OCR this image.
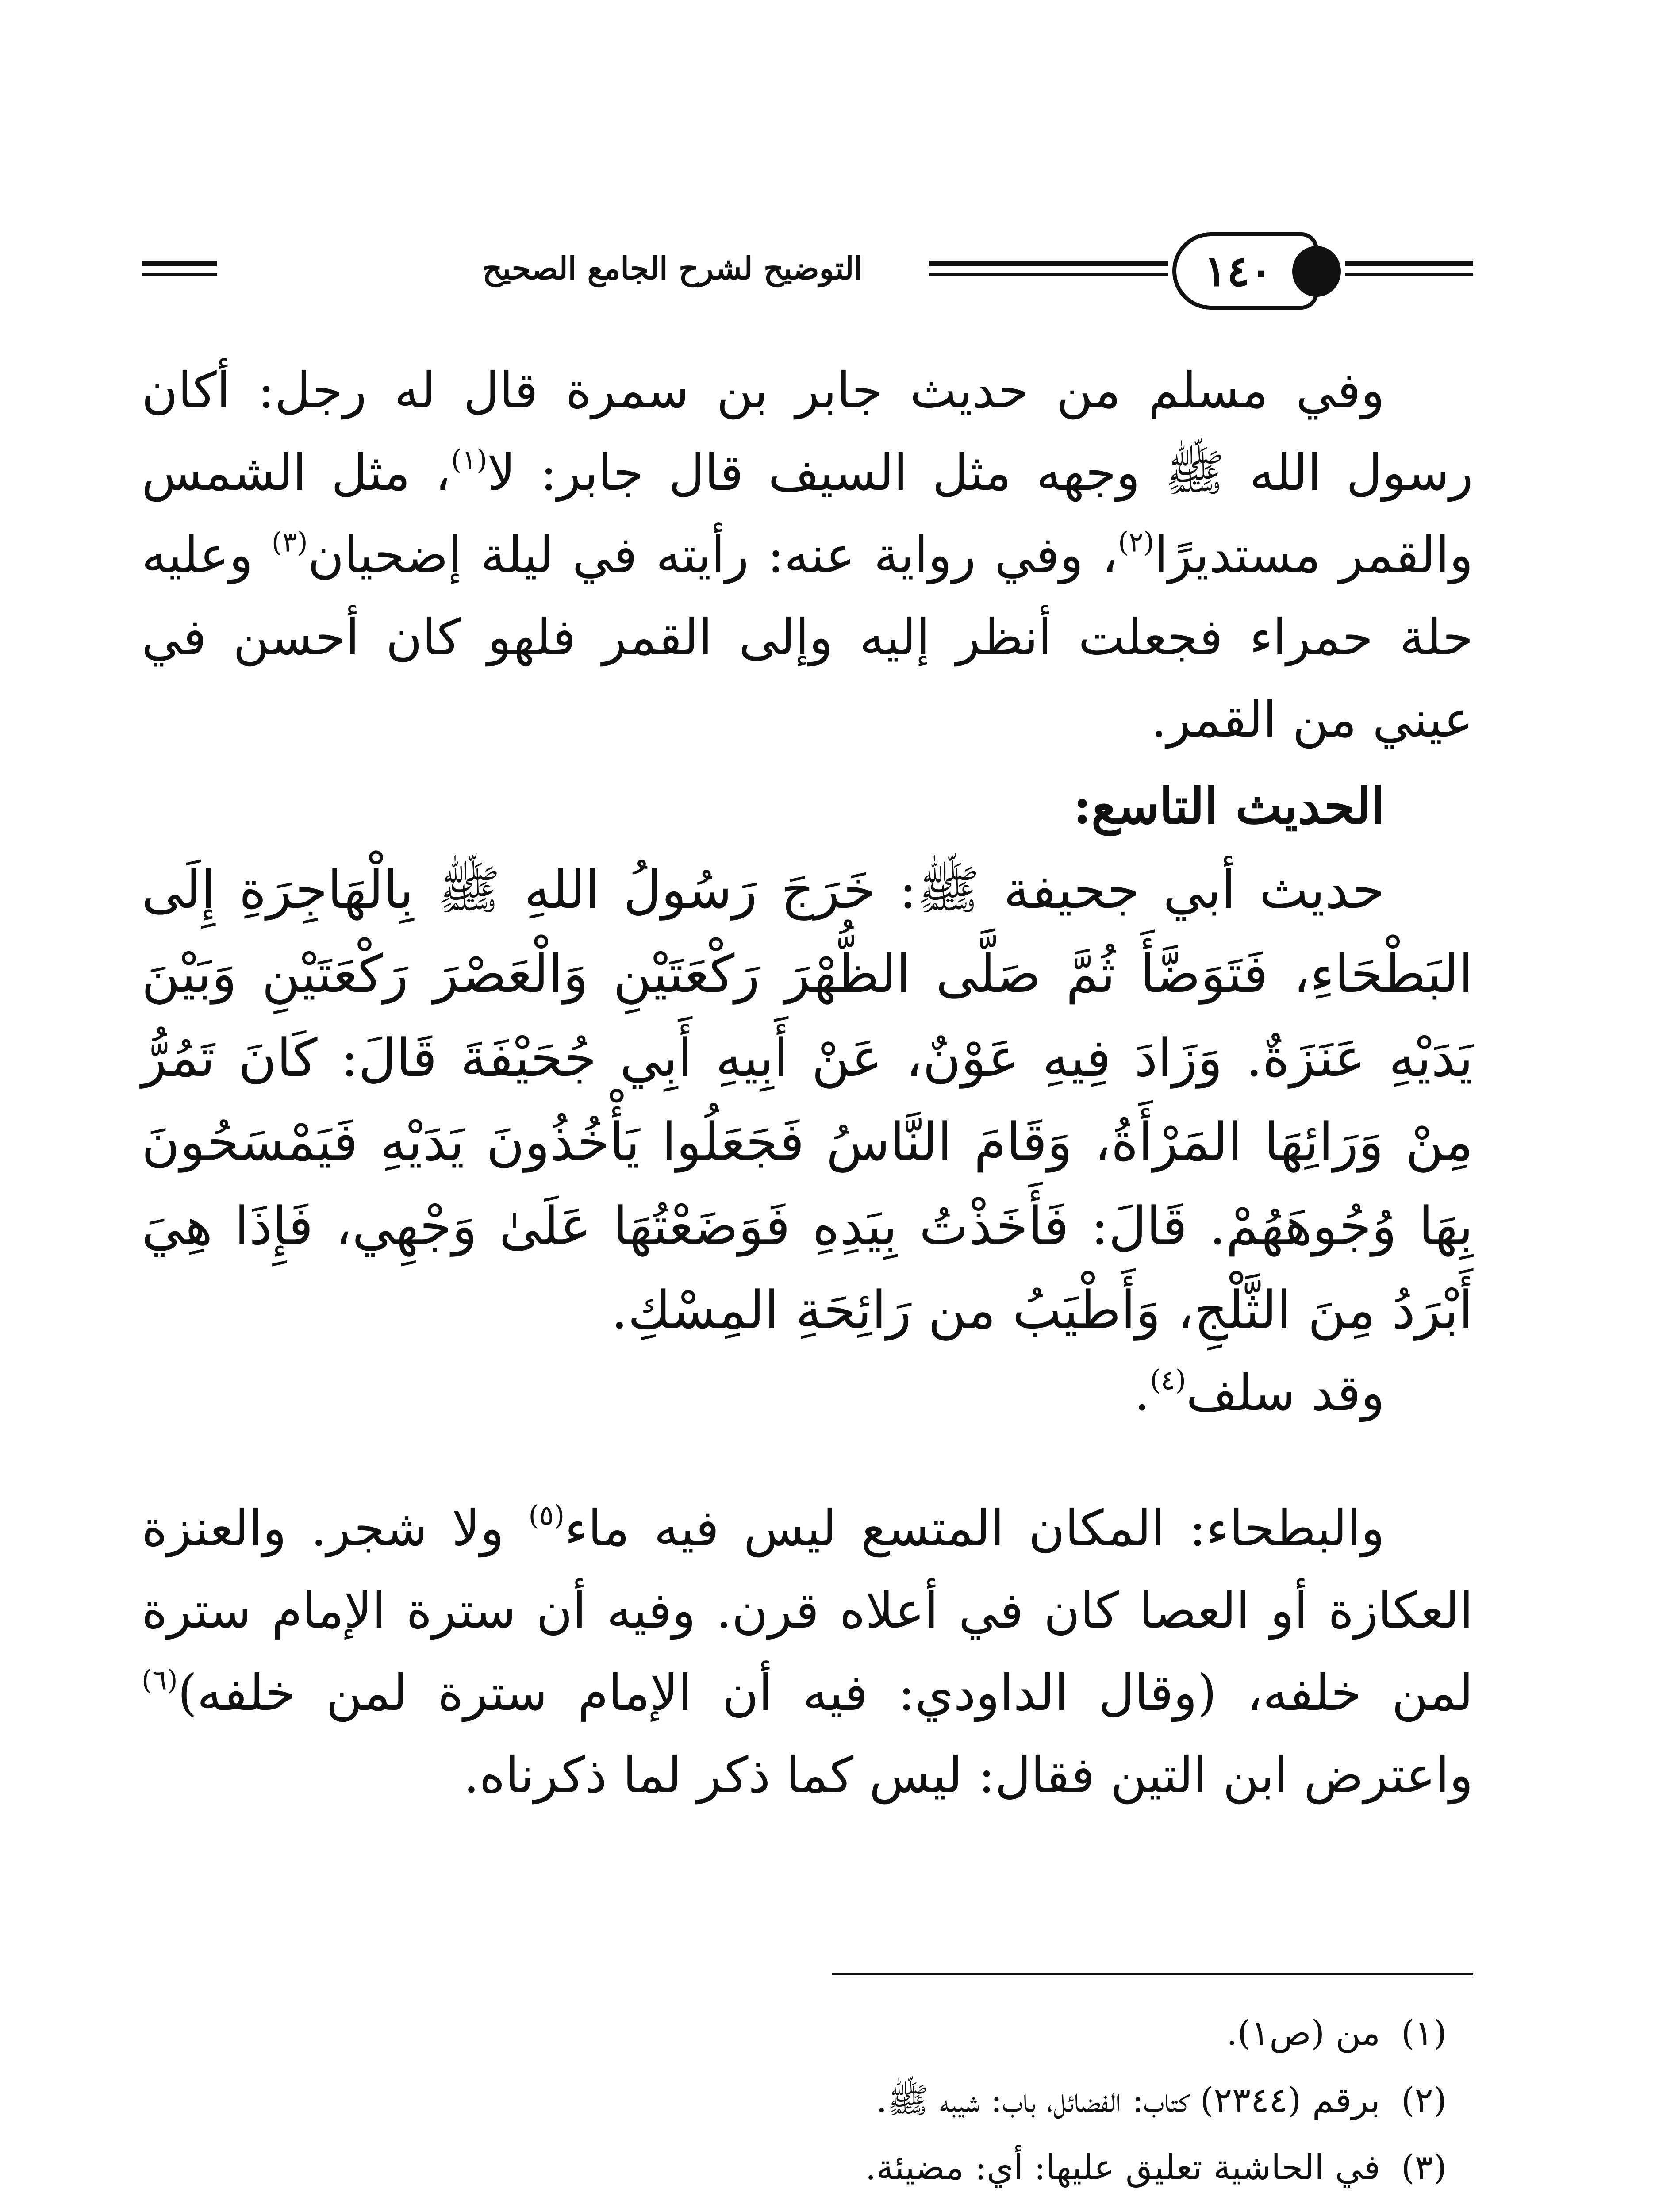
التوضيح لشرح الجامع الصحيح	١٤٠

وفي مسلم من حديث جابر بن سمرة قال له رجل: أكان رسول الله ﷺ وجهه مثل السيف قال جابر: لا$^{(١)}$، مثل الشمس والقمر مستديرًا$^{(٢)}$، وفي رواية عنه: رأيته في ليلة إضحيان$^{(٣)}$ وعليه حلة حمراء فجعلت أنظر إليه وإلى القمر فلهو كان أحسن في عيني من القمر.

الحديث التاسع:

حديث أبي جحيفة ﷺ: خَرَجَ رَسُولُ اللهِ ﷺ بِالْهَاجِرَةِ إِلَى البَطْحَاءِ، فَتَوَضَّأَ ثُمَّ صَلَّى الظُّهْرَ رَكْعَتَيْنِ وَالْعَصْرَ رَكْعَتَيْنِ وَبَيْنَ يَدَيْهِ عَنَزَةٌ. وَزَادَ فِيهِ عَوْنٌ، عَنْ أَبِيهِ أَبِي جُحَيْفَةَ قَالَ: كَانَ تَمُرُّ مِنْ وَرَائِهَا المَرْأَةُ، وَقَامَ النَّاسُ فَجَعَلُوا يَأْخُذُونَ يَدَيْهِ فَيَمْسَحُونَ بِهَا وُجُوهَهُمْ. قَالَ: فَأَخَذْتُ بِيَدِهِ فَوَضَعْتُهَا عَلَىٰ وَجْهِي، فَإِذَا هِيَ أَبْرَدُ مِنَ الثَّلْجِ، وَأَطْيَبُ من رَائِحَةِ المِسْكِ.

وقد سلف$^{(٤)}$.

والبطحاء: المكان المتسع ليس فيه ماء$^{(٥)}$ ولا شجر. والعنزة العكازة أو العصا كان في أعلاه قرن. وفيه أن سترة الإمام سترة لمن خلفه، (وقال الداودي: فيه أن الإمام سترة لمن خلفه)$^{(٦)}$ واعترض ابن التين فقال: ليس كما ذكر لما ذكرناه.

(١)
من (ص١).
(٢)
برقم (٢٣٤٤) كتاب: الفضائل، باب: شيبه ﷺ.
(٣)
في الحاشية تعليق عليها: أي: مضيئة.
